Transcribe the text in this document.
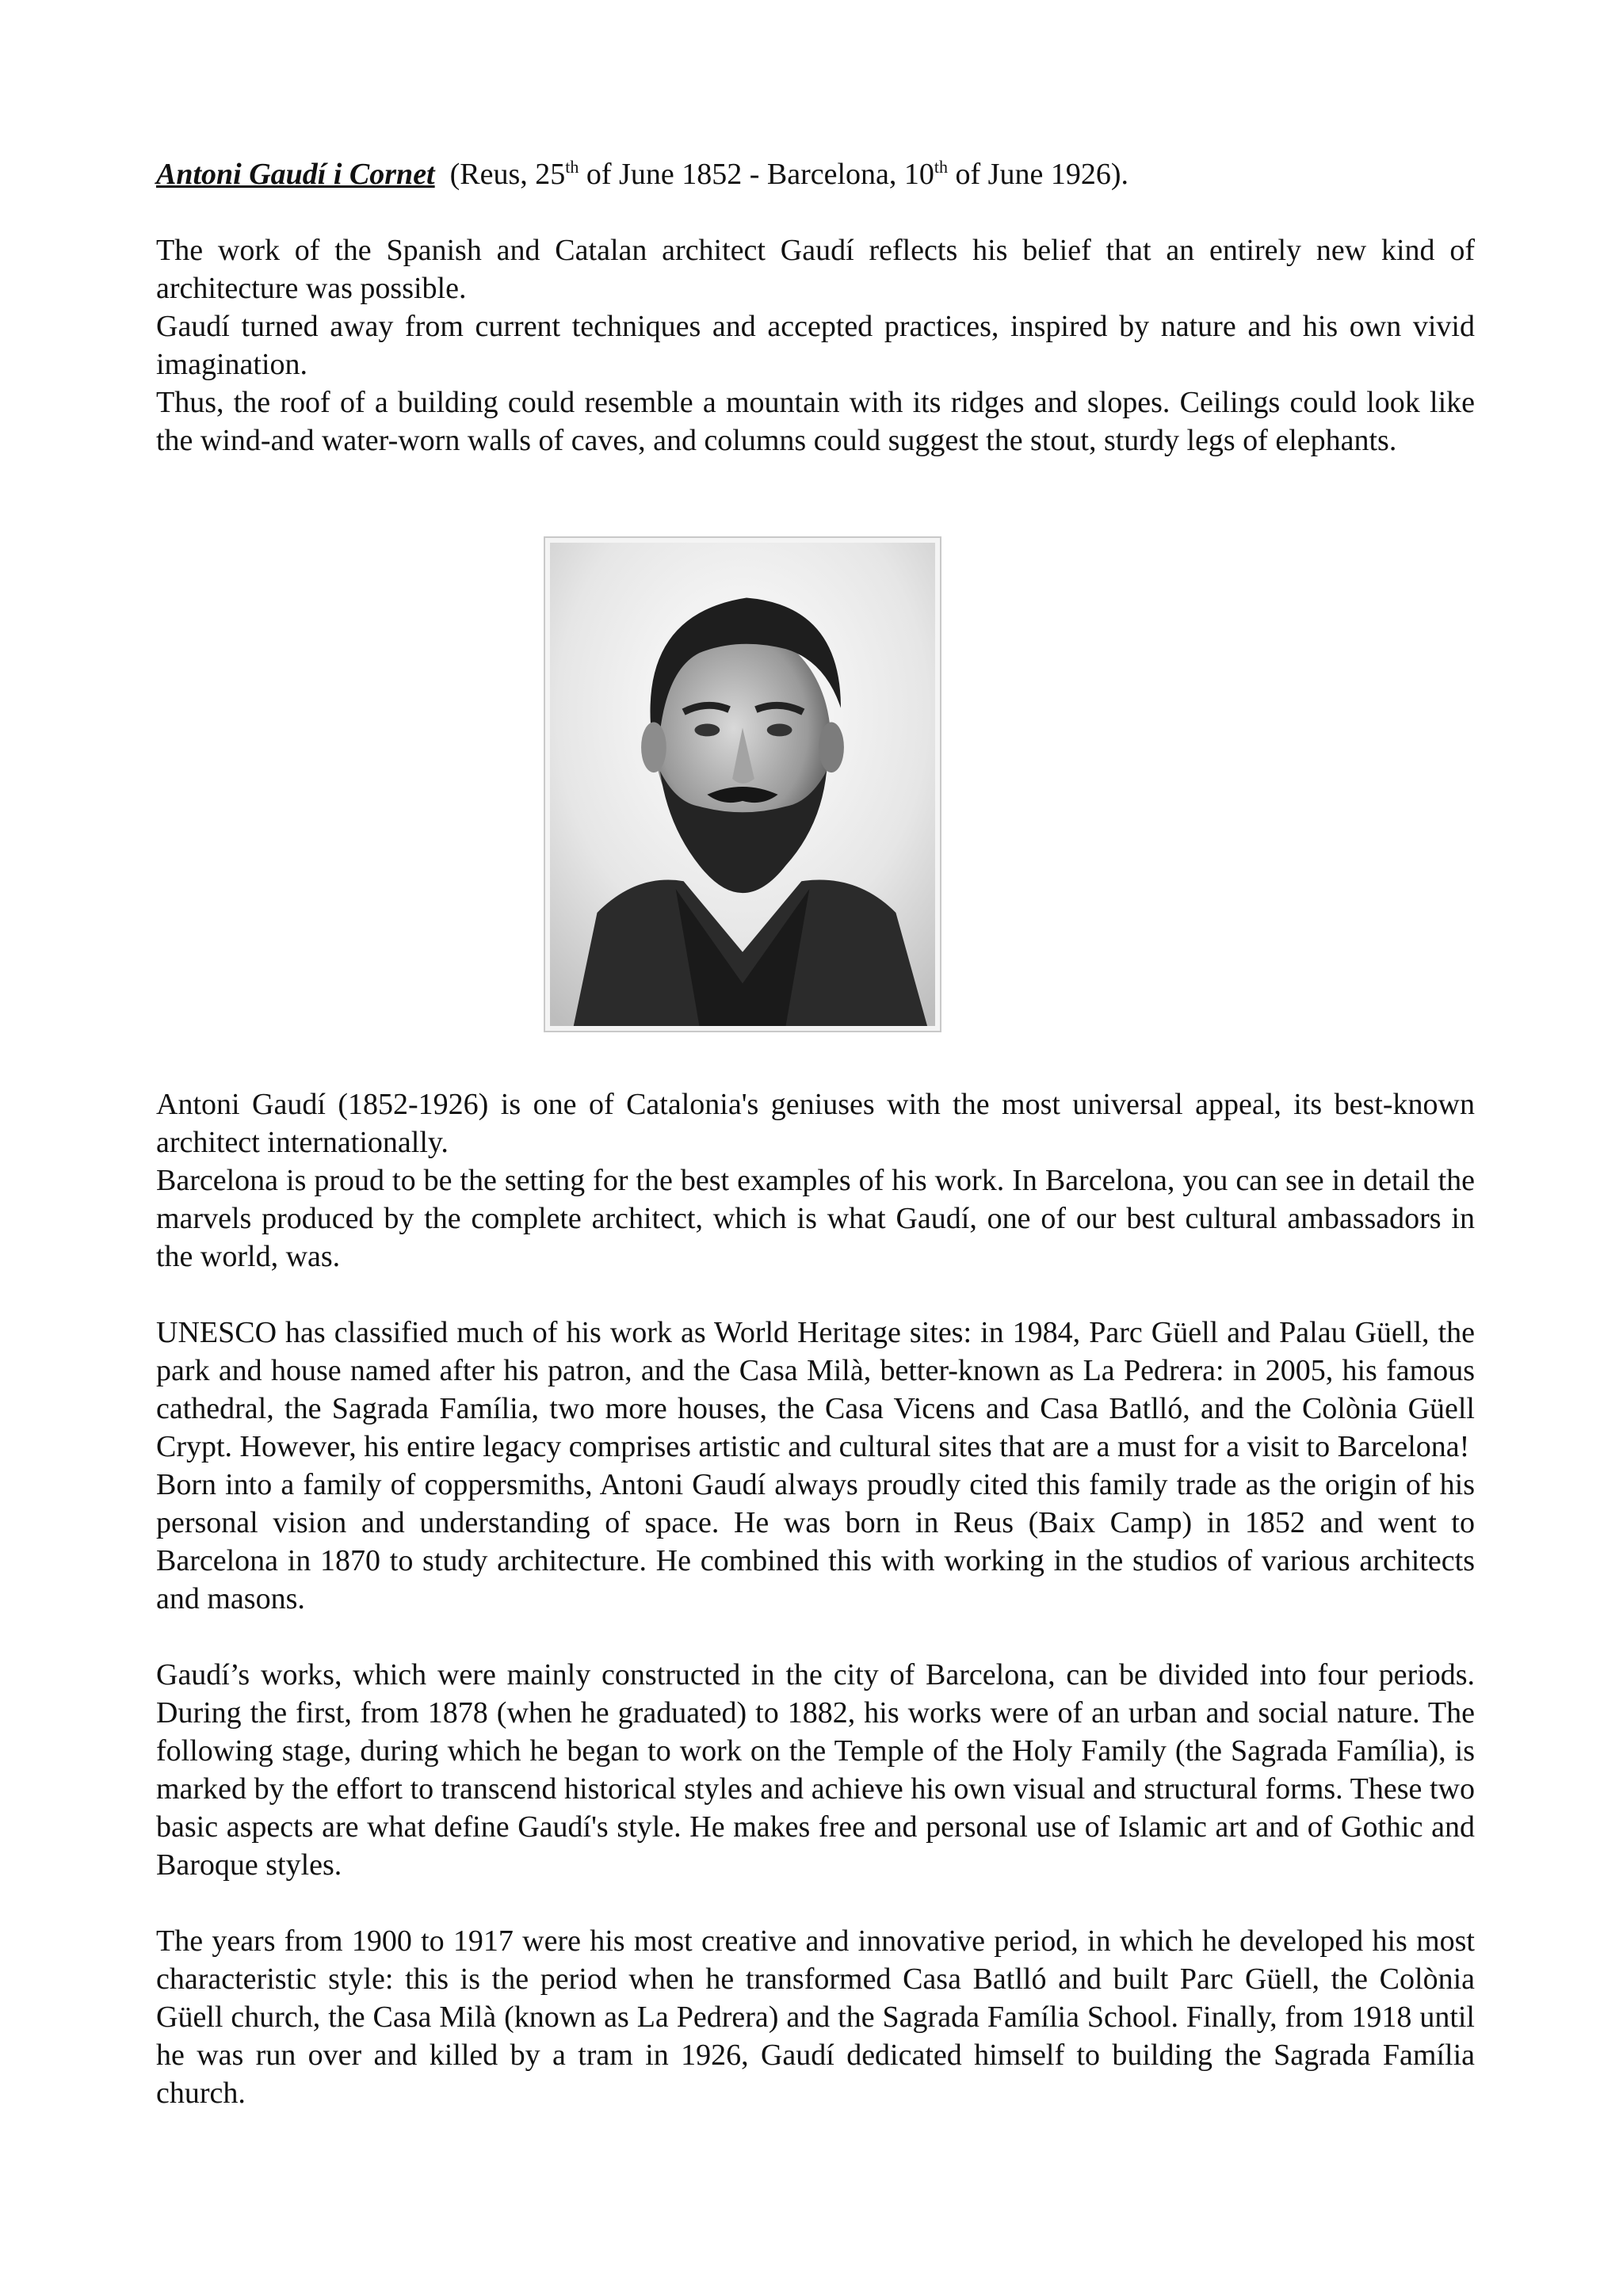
Antoni Gaudí i Cornet  (Reus, 25th of June 1852 - Barcelona, 10th of June 1926).

The work of the Spanish and Catalan architect Gaudí reflects his belief that an entirely new kind of architecture was possible.

Gaudí turned away from current techniques and accepted practices, inspired by nature and his own vivid imagination.

Thus, the roof of a building could resemble a mountain with its ridges and slopes. Ceilings could look like the wind-and water-worn walls of caves, and columns could suggest the stout, sturdy legs of elephants.

Antoni Gaudí (1852-1926) is one of Catalonia's geniuses with the most universal appeal, its best-known architect internationally.

Barcelona is proud to be the setting for the best examples of his work. In Barcelona, you can see in detail the marvels produced by the complete architect, which is what Gaudí, one of our best cultural ambassadors in the world, was.

UNESCO has classified much of his work as World Heritage sites: in 1984, Parc Güell and Palau Güell, the park and house named after his patron, and the Casa Milà, better-known as La Pedrera: in 2005, his famous cathedral, the Sagrada Família, two more houses, the Casa Vicens and Casa Batlló, and the Colònia Güell Crypt. However, his entire legacy comprises artistic and cultural sites that are a must for a visit to Barcelona!

Born into a family of coppersmiths, Antoni Gaudí always proudly cited this family trade as the origin of his personal vision and understanding of space. He was born in Reus (Baix Camp) in 1852 and went to Barcelona in 1870 to study architecture. He combined this with working in the studios of various architects and masons.

Gaudí’s works, which were mainly constructed in the city of Barcelona, can be divided into four periods. During the first, from 1878 (when he graduated) to 1882, his works were of an urban and social nature. The following stage, during which he began to work on the Temple of the Holy Family (the Sagrada Família), is marked by the effort to transcend historical styles and achieve his own visual and structural forms. These two basic aspects are what define Gaudí's style. He makes free and personal use of Islamic art and of Gothic and Baroque styles.

The years from 1900 to 1917 were his most creative and innovative period, in which he developed his most characteristic style: this is the period when he transformed Casa Batlló and built Parc Güell, the Colònia Güell church, the Casa Milà (known as La Pedrera) and the Sagrada Família School. Finally, from 1918 until he was run over and killed by a tram in 1926, Gaudí dedicated himself to building the Sagrada Família church.
